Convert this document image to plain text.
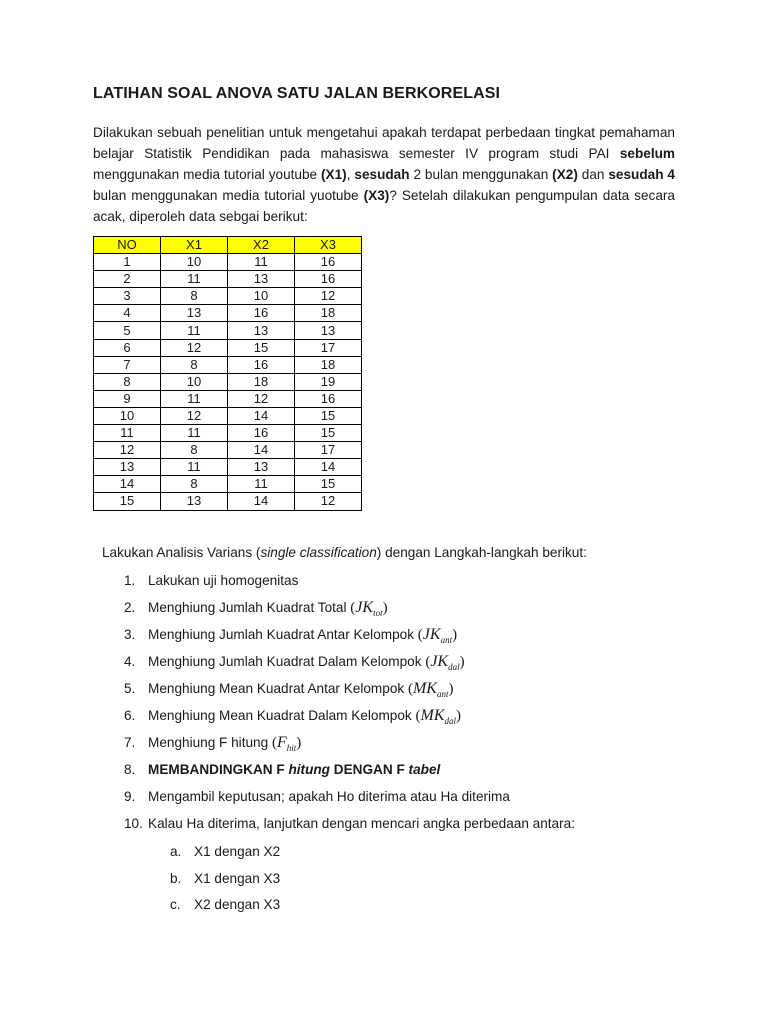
LATIHAN SOAL ANOVA SATU JALAN BERKORELASI

Dilakukan sebuah penelitian untuk mengetahui apakah terdapat perbedaan tingkat pemahaman belajar Statistik Pendidikan pada mahasiswa semester IV program studi PAI sebelum menggunakan media tutorial youtube (X1), sesudah 2 bulan menggunakan (X2) dan sesudah 4 bulan menggunakan media tutorial yuotube (X3)? Setelah dilakukan pengumpulan data secara acak, diperoleh data sebgai berikut:

NO	X1	X2	X3
1	10	11	16
2	11	13	16
3	8	10	12
4	13	16	18
5	11	13	13
6	12	15	17
7	8	16	18
8	10	18	19
9	11	12	16
10	12	14	15
11	11	16	15
12	8	14	17
13	11	13	14
14	8	11	15
15	13	14	12

Lakukan Analisis Varians (single classification) dengan Langkah-langkah berikut:

1. Lakukan uji homogenitas
2. Menghiung Jumlah Kuadrat Total $(JK_{tot})$
3. Menghiung Jumlah Kuadrat Antar Kelompok $(JK_{ant})$
4. Menghiung Jumlah Kuadrat Dalam Kelompok $(JK_{dal})$
5. Menghiung Mean Kuadrat Antar Kelompok $(MK_{ant})$
6. Menghiung Mean Kuadrat Dalam Kelompok $(MK_{dal})$
7. Menghiung F hitung $(F_{hit})$
8. MEMBANDINGKAN F hitung DENGAN F tabel
9. Mengambil keputusan; apakah Ho diterima atau Ha diterima
10. Kalau Ha diterima, lanjutkan dengan mencari angka perbedaan antara:
a. X1 dengan X2
b. X1 dengan X3
c. X2 dengan X3
